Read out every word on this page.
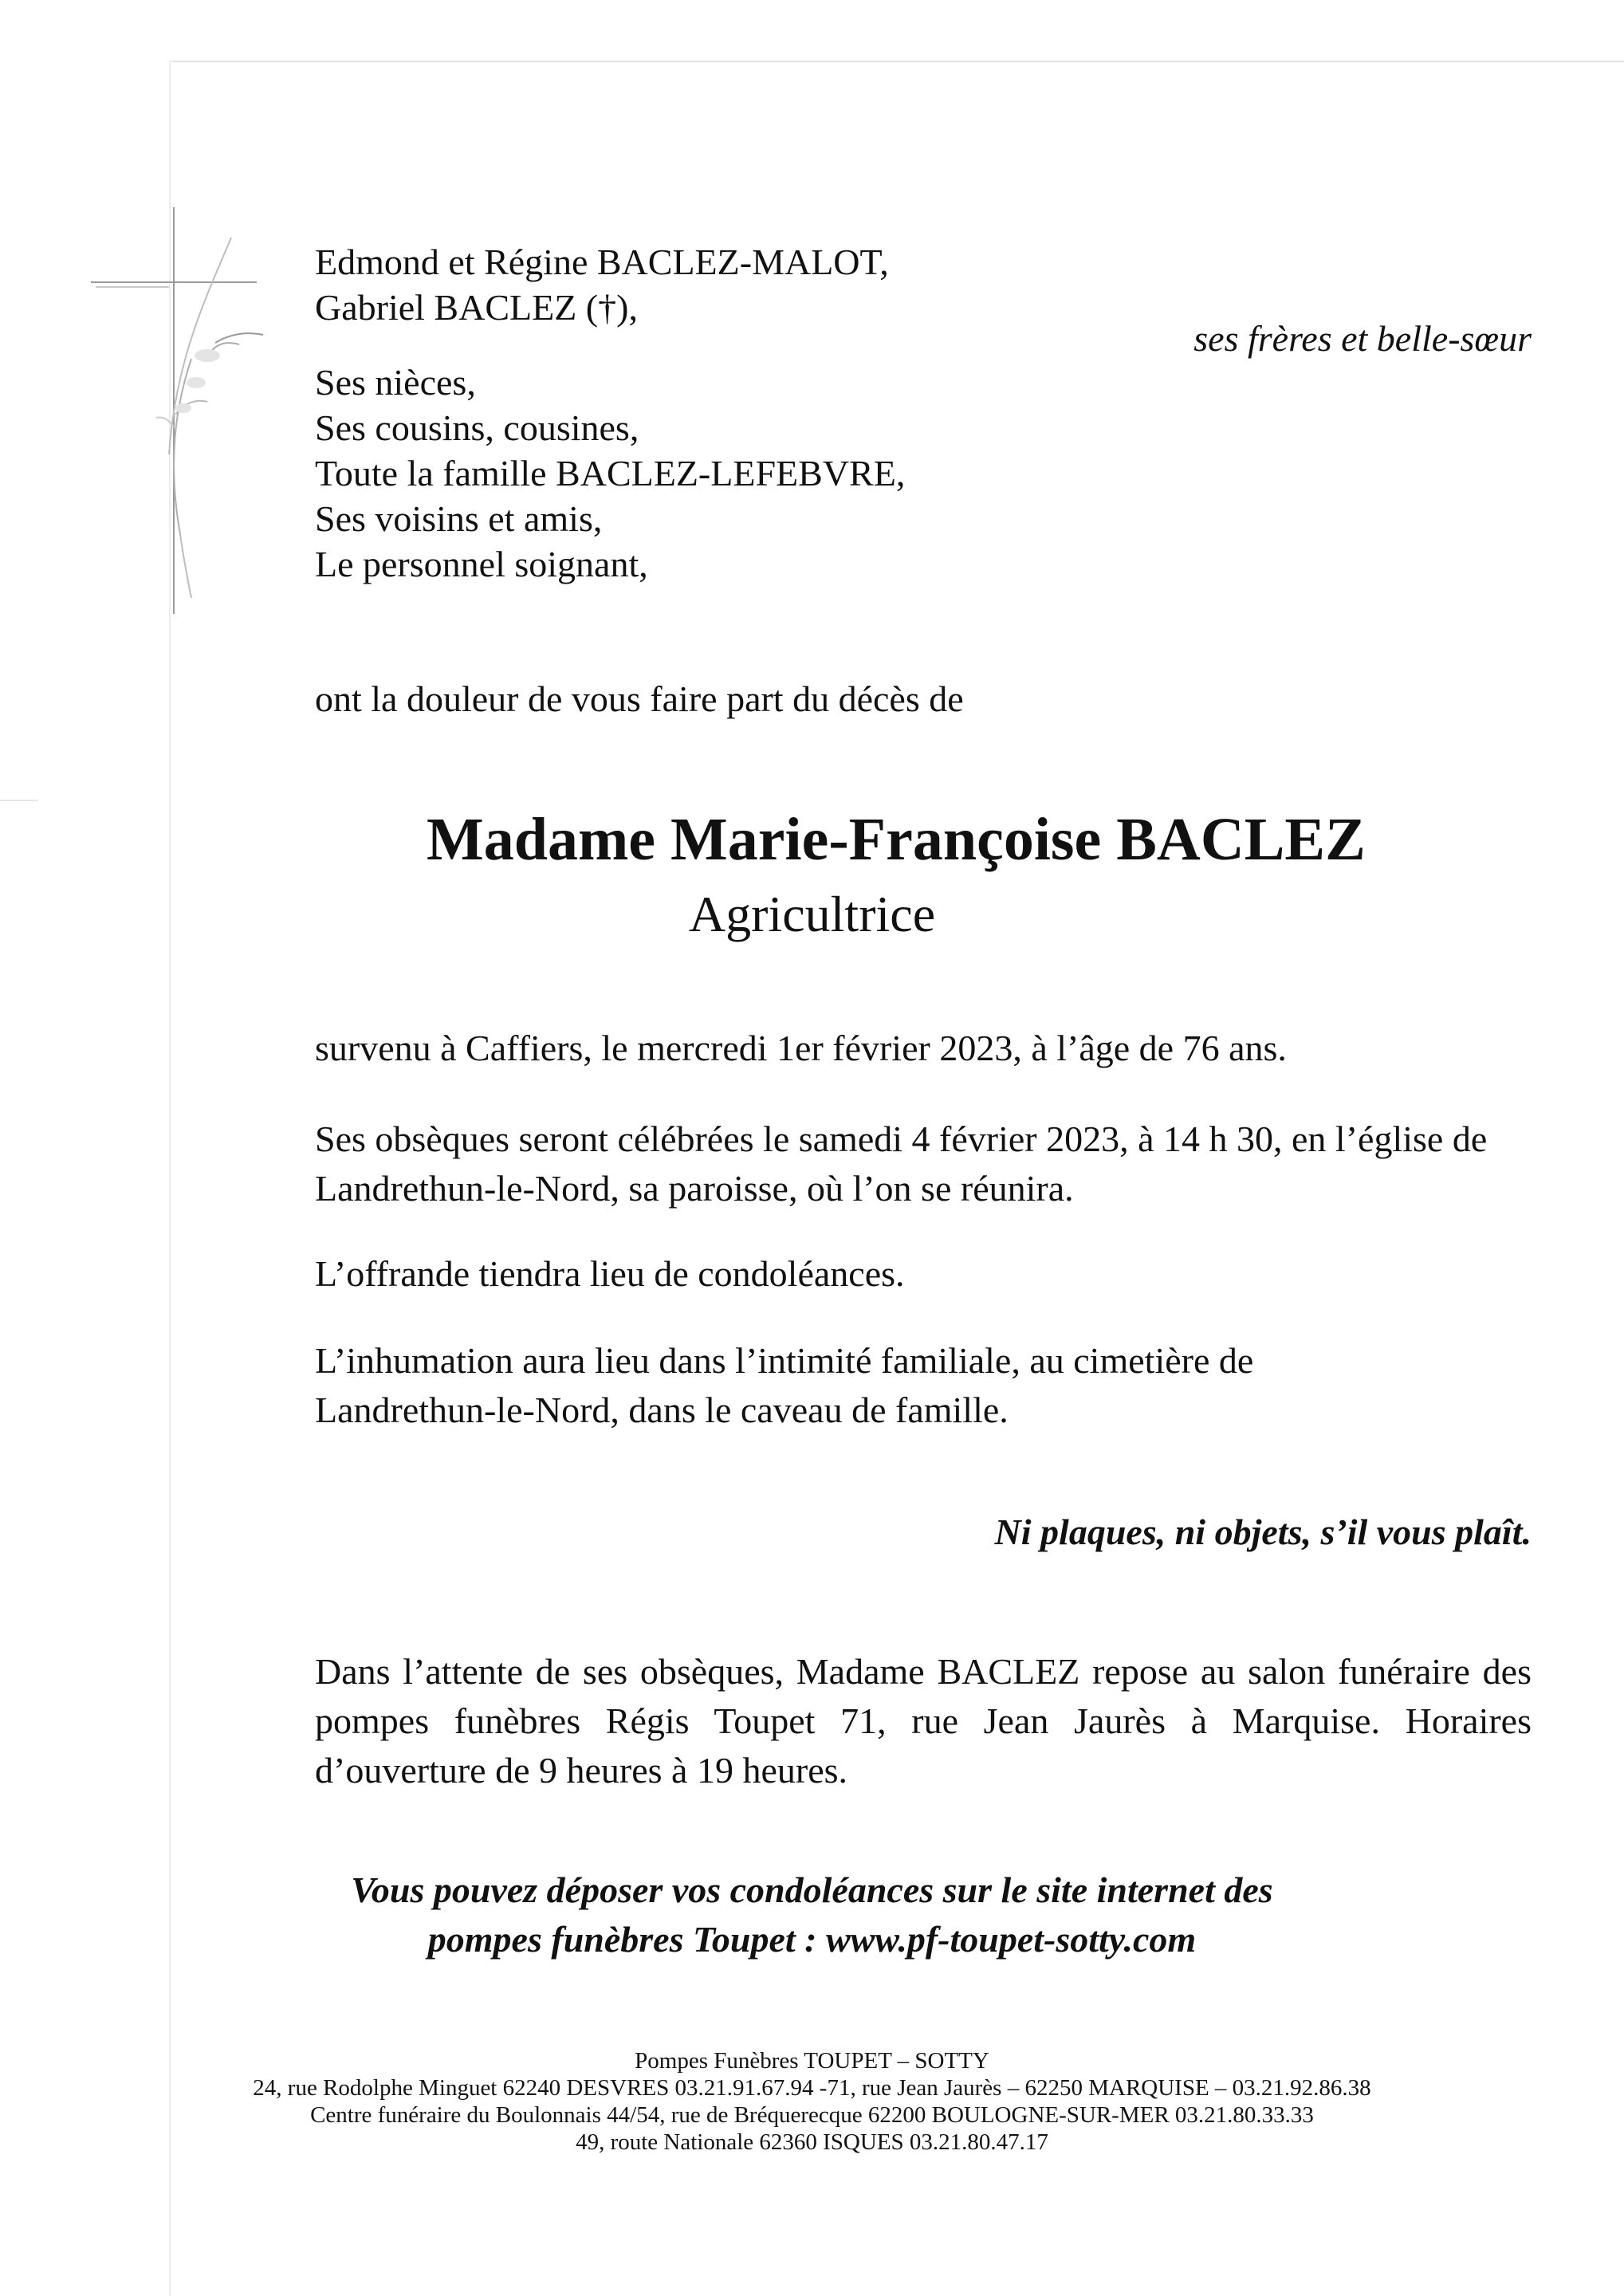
Edmond et Régine BACLEZ-MALOT,
Gabriel BACLEZ (†),
ses frères et belle-sœur
Ses nièces,
Ses cousins, cousines,
Toute la famille BACLEZ-LEFEBVRE,
Ses voisins et amis,
Le personnel soignant,
ont la douleur de vous faire part du décès de
Madame Marie-Françoise BACLEZ
Agricultrice
survenu à Caffiers, le mercredi 1er février 2023, à l’âge de 76 ans.
Ses obsèques seront célébrées le samedi 4 février 2023, à 14 h 30, en l’église de
Landrethun-le-Nord, sa paroisse, où l’on se réunira.
L’offrande tiendra lieu de condoléances.
L’inhumation aura lieu dans l’intimité familiale, au cimetière de
Landrethun-le-Nord, dans le caveau de famille.
Ni plaques, ni objets, s’il vous plaît.
Dans l’attente de ses obsèques, Madame BACLEZ repose au salon funéraire des pompes funèbres Régis Toupet 71, rue Jean Jaurès à Marquise. Horaires d’ouverture de 9 heures à 19 heures.
Vous pouvez déposer vos condoléances sur le site internet des
pompes funèbres Toupet : www.pf-toupet-sotty.com
Pompes Funèbres TOUPET – SOTTY
24, rue Rodolphe Minguet 62240 DESVRES 03.21.91.67.94 -71, rue Jean Jaurès – 62250 MARQUISE – 03.21.92.86.38
Centre funéraire du Boulonnais 44/54, rue de Bréquerecque 62200 BOULOGNE-SUR-MER 03.21.80.33.33
49, route Nationale 62360 ISQUES 03.21.80.47.17
